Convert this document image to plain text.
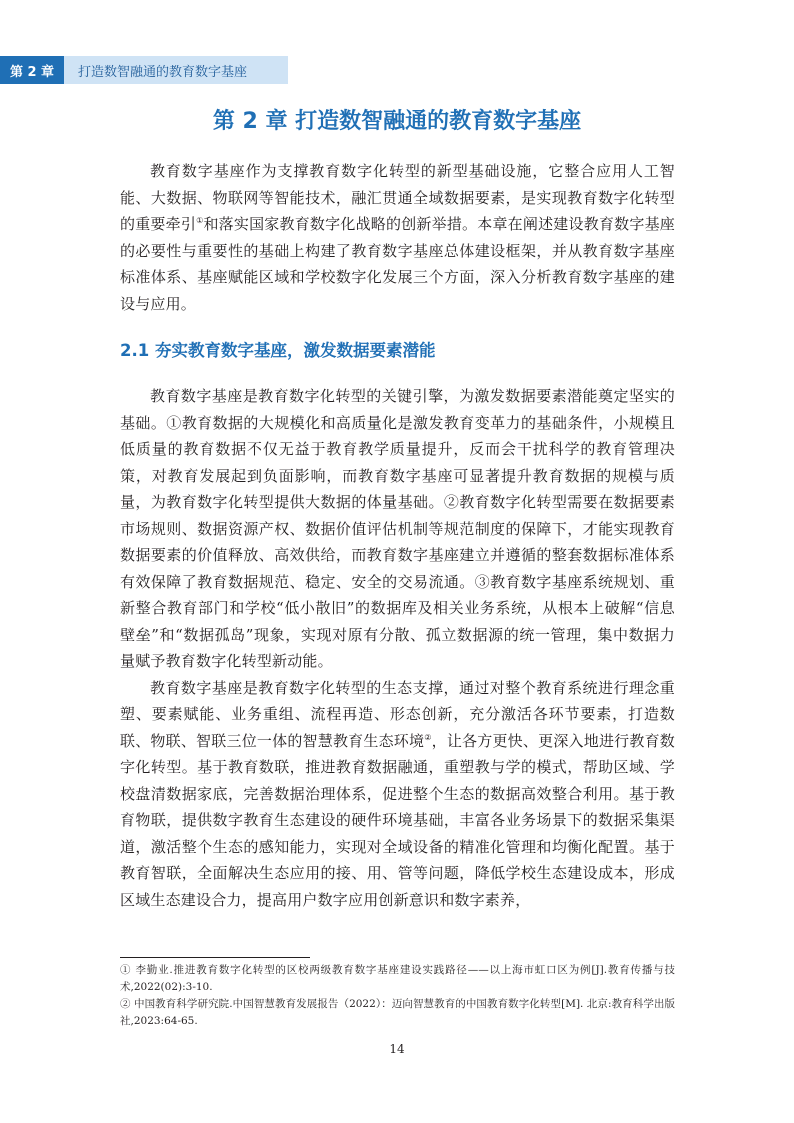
第 2 章	打造数智融通的教育数字基座
第 2 章 打造数智融通的教育数字基座

教育数字基座作为支撑教育数字化转型的新型基础设施，它整合应用人工智能、大数据、物联网等智能技术，融汇贯通全域数据要素，是实现教育数字化转型的重要牵引①和落实国家教育数字化战略的创新举措。本章在阐述建设教育数字基座的必要性与重要性的基础上构建了教育数字基座总体建设框架，并从教育数字基座标准体系、基座赋能区域和学校数字化发展三个方面，深入分析教育数字基座的建设与应用。

2.1 夯实教育数字基座，激发数据要素潜能

教育数字基座是教育数字化转型的关键引擎，为激发数据要素潜能奠定坚实的基础。①教育数据的大规模化和高质量化是激发教育变革力的基础条件，小规模且低质量的教育数据不仅无益于教育教学质量提升，反而会干扰科学的教育管理决策，对教育发展起到负面影响，而教育数字基座可显著提升教育数据的规模与质量，为教育数字化转型提供大数据的体量基础。②教育数字化转型需要在数据要素市场规则、数据资源产权、数据价值评估机制等规范制度的保障下，才能实现教育数据要素的价值释放、高效供给，而教育数字基座建立并遵循的整套数据标准体系有效保障了教育数据规范、稳定、安全的交易流通。③教育数字基座系统规划、重新整合教育部门和学校“低小散旧”的数据库及相关业务系统，从根本上破解“信息壁垒”和“数据孤岛”现象，实现对原有分散、孤立数据源的统一管理，集中数据力量赋予教育数字化转型新动能。

教育数字基座是教育数字化转型的生态支撑，通过对整个教育系统进行理念重塑、要素赋能、业务重组、流程再造、形态创新，充分激活各环节要素，打造数联、物联、智联三位一体的智慧教育生态环境②，让各方更快、更深入地进行教育数字化转型。基于教育数联，推进教育数据融通，重塑教与学的模式，帮助区域、学校盘清数据家底，完善数据治理体系，促进整个生态的数据高效整合利用。基于教育物联，提供数字教育生态建设的硬件环境基础，丰富各业务场景下的数据采集渠道，激活整个生态的感知能力，实现对全域设备的精准化管理和均衡化配置。基于教育智联，全面解决生态应用的接、用、管等问题，降低学校生态建设成本，形成区域生态建设合力，提高用户数字应用创新意识和数字素养，

① 李勤业.推进教育数字化转型的区校两级教育数字基座建设实践路径——以上海市虹口区为例[J].教育传播与技术,2022(02):3-10.
② 中国教育科学研究院.中国智慧教育发展报告（2022）：迈向智慧教育的中国教育数字化转型[M]. 北京:教育科学出版社,2023:64-65.
14
